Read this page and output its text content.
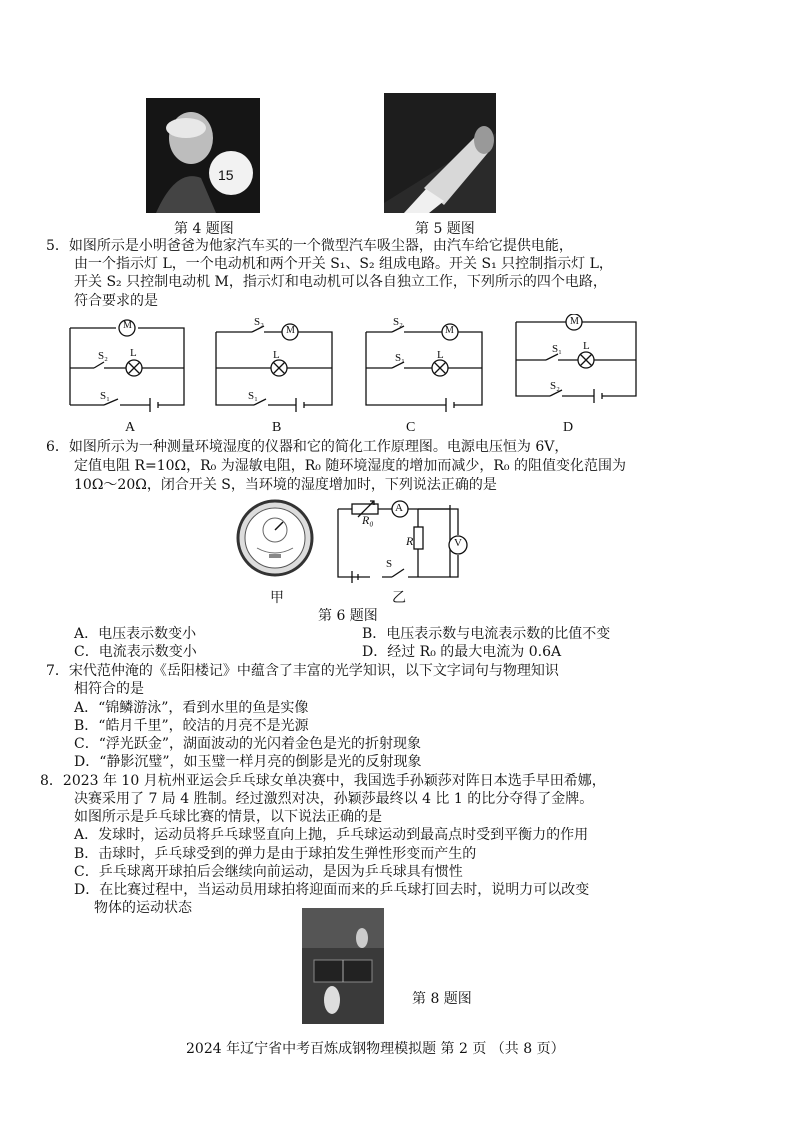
15
第 4 题图	第 5 题图
5．如图所示是小明爸爸为他家汽车买的一个微型汽车吸尘器，由汽车给它提供电能，
由一个指示灯 L，一个电动机和两个开关 S₁、S₂ 组成电路。开关 S₁ 只控制指示灯 L，
开关 S₂ 只控制电动机 M，指示灯和电动机可以各自独立工作，下列所示的四个电路，
符合要求的是
M
S₂ L
S₁
A
M
S₂
L
S₁
B
M
S₂
S₁	L
C
M
S₁ L
S₂
D
6．如图所示为一种测量环境湿度的仪器和它的简化工作原理图。电源电压恒为 6V，
定值电阻 R=10Ω，R₀ 为湿敏电阻，R₀ 随环境湿度的增加而减少，R₀ 的阻值变化范围为
10Ω～20Ω，闭合开关 S，当环境的湿度增加时，下列说法正确的是
甲
R₀
A
R	V
S
乙
第 6 题图
A．电压表示数变小	B．电压表示数与电流表示数的比值不变
C．电流表示数变小	D．经过 R₀ 的最大电流为 0.6A
7．宋代范仲淹的《岳阳楼记》中蕴含了丰富的光学知识，以下文字词句与物理知识
相符合的是
A．“锦鳞游泳”，看到水里的鱼是实像
B．“皓月千里”，皎洁的月亮不是光源
C．“浮光跃金”，湖面波动的光闪着金色是光的折射现象
D．“静影沉璧”，如玉璧一样月亮的倒影是光的反射现象
8．2023 年 10 月杭州亚运会乒乓球女单决赛中，我国选手孙颖莎对阵日本选手早田希娜，
决赛采用了 7 局 4 胜制。经过激烈对决，孙颖莎最终以 4 比 1 的比分夺得了金牌。
如图所示是乒乓球比赛的情景，以下说法正确的是
A．发球时，运动员将乒乓球竖直向上抛，乒乓球运动到最高点时受到平衡力的作用
B．击球时，乒乓球受到的弹力是由于球拍发生弹性形变而产生的
C．乒乓球离开球拍后会继续向前运动，是因为乒乓球具有惯性
D．在比赛过程中，当运动员用球拍将迎面而来的乒乓球打回去时，说明力可以改变
物体的运动状态
第 8 题图
2024 年辽宁省中考百炼成钢物理模拟题 第 2 页 （共 8 页）
